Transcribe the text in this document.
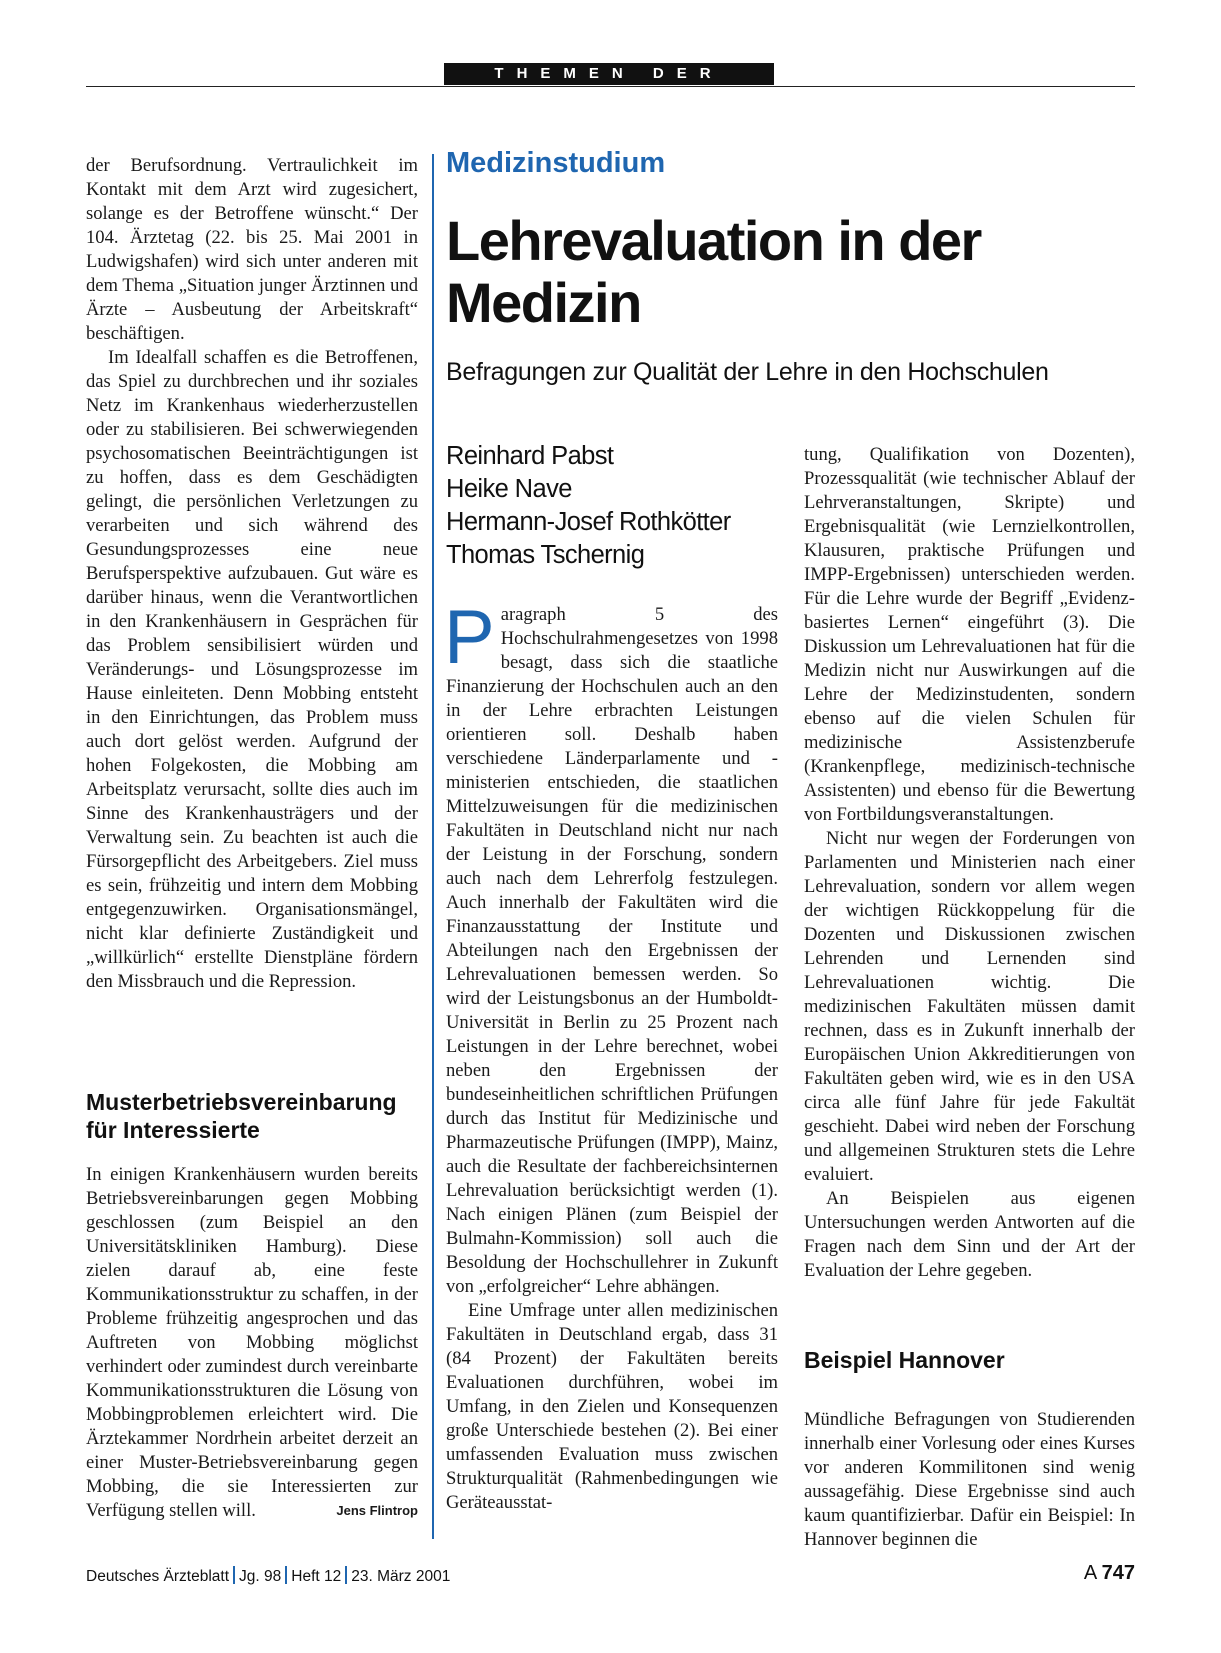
THEMEN DER ZEIT

der Berufsordnung. Vertraulichkeit im Kontakt mit dem Arzt wird zugesichert, solange es der Betroffene wünscht.“ Der 104. Ärztetag (22. bis 25. Mai 2001 in Ludwigshafen) wird sich unter anderen mit dem Thema „Situation junger Ärztinnen und Ärzte – Ausbeutung der Arbeitskraft“ beschäftigen.

Im Idealfall schaffen es die Betroffenen, das Spiel zu durchbrechen und ihr soziales Netz im Krankenhaus wiederherzustellen oder zu stabilisieren. Bei schwerwiegenden psychosomatischen Beeinträchtigungen ist zu hoffen, dass es dem Geschädigten gelingt, die persönlichen Verletzungen zu verarbeiten und sich während des Gesundungsprozesses eine neue Berufsperspektive aufzubauen. Gut wäre es darüber hinaus, wenn die Verantwortlichen in den Krankenhäusern in Gesprächen für das Problem sensibilisiert würden und Veränderungs- und Lösungsprozesse im Hause einleiteten. Denn Mobbing entsteht in den Einrichtungen, das Problem muss auch dort gelöst werden. Aufgrund der hohen Folgekosten, die Mobbing am Arbeitsplatz verursacht, sollte dies auch im Sinne des Krankenhausträgers und der Verwaltung sein. Zu beachten ist auch die Fürsorgepflicht des Arbeitgebers. Ziel muss es sein, frühzeitig und intern dem Mobbing entgegenzuwirken. Organisationsmängel, nicht klar definierte Zuständigkeit und „willkürlich“ erstellte Dienstpläne fördern den Missbrauch und die Repression.

Musterbetriebsvereinbarung für Interessierte

In einigen Krankenhäusern wurden bereits Betriebsvereinbarungen gegen Mobbing geschlossen (zum Beispiel an den Universitätskliniken Hamburg). Diese zielen darauf ab, eine feste Kommunikationsstruktur zu schaffen, in der Probleme frühzeitig angesprochen und das Auftreten von Mobbing möglichst verhindert oder zumindest durch vereinbarte Kommunikationsstrukturen die Lösung von Mobbingproblemen erleichtert wird. Die Ärztekammer Nordrhein arbeitet derzeit an einer Muster-Betriebsvereinbarung gegen Mobbing, die sie Interessierten zur Verfügung stellen will.	Jens Flintrop

Medizinstudium
Lehrevaluation in der Medizin
Befragungen zur Qualität der Lehre in den Hochschulen
Reinhard Pabst
Heike Nave
Hermann-Josef Rothkötter
Thomas Tschernig

Paragraph 5 des Hochschulrahmengesetzes von 1998 besagt, dass sich die staatliche Finanzierung der Hochschulen auch an den in der Lehre erbrachten Leistungen orientieren soll. Deshalb haben verschiedene Länderparlamente und -ministerien entschieden, die staatlichen Mittelzuweisungen für die medizinischen Fakultäten in Deutschland nicht nur nach der Leistung in der Forschung, sondern auch nach dem Lehrerfolg festzulegen. Auch innerhalb der Fakultäten wird die Finanzausstattung der Institute und Abteilungen nach den Ergebnissen der Lehrevaluationen bemessen werden. So wird der Leistungsbonus an der Humboldt-Universität in Berlin zu 25 Prozent nach Leistungen in der Lehre berechnet, wobei neben den Ergebnissen der bundeseinheitlichen schriftlichen Prüfungen durch das Institut für Medizinische und Pharmazeutische Prüfungen (IMPP), Mainz, auch die Resultate der fachbereichsinternen Lehrevaluation berücksichtigt werden (1). Nach einigen Plänen (zum Beispiel der Bulmahn-Kommission) soll auch die Besoldung der Hochschullehrer in Zukunft von „erfolgreicher“ Lehre abhängen.

Eine Umfrage unter allen medizinischen Fakultäten in Deutschland ergab, dass 31 (84 Prozent) der Fakultäten bereits Evaluationen durchführen, wobei im Umfang, in den Zielen und Konsequenzen große Unterschiede bestehen (2). Bei einer umfassenden Evaluation muss zwischen Strukturqualität (Rahmenbedingungen wie Geräteausstat-

tung, Qualifikation von Dozenten), Prozessqualität (wie technischer Ablauf der Lehrveranstaltungen, Skripte) und Ergebnisqualität (wie Lernzielkontrollen, Klausuren, praktische Prüfungen und IMPP-Ergebnissen) unterschieden werden. Für die Lehre wurde der Begriff „Evidenz-basiertes Lernen“ eingeführt (3). Die Diskussion um Lehrevaluationen hat für die Medizin nicht nur Auswirkungen auf die Lehre der Medizinstudenten, sondern ebenso auf die vielen Schulen für medizinische Assistenzberufe (Krankenpflege, medizinisch-technische Assistenten) und ebenso für die Bewertung von Fortbildungsveranstaltungen.

Nicht nur wegen der Forderungen von Parlamenten und Ministerien nach einer Lehrevaluation, sondern vor allem wegen der wichtigen Rückkoppelung für die Dozenten und Diskussionen zwischen Lehrenden und Lernenden sind Lehrevaluationen wichtig. Die medizinischen Fakultäten müssen damit rechnen, dass es in Zukunft innerhalb der Europäischen Union Akkreditierungen von Fakultäten geben wird, wie es in den USA circa alle fünf Jahre für jede Fakultät geschieht. Dabei wird neben der Forschung und allgemeinen Strukturen stets die Lehre evaluiert.

An Beispielen aus eigenen Untersuchungen werden Antworten auf die Fragen nach dem Sinn und der Art der Evaluation der Lehre gegeben.

Beispiel Hannover

Mündliche Befragungen von Studierenden innerhalb einer Vorlesung oder eines Kurses vor anderen Kommilitonen sind wenig aussagefähig. Diese Ergebnisse sind auch kaum quantifizierbar. Dafür ein Beispiel: In Hannover beginnen die

Deutsches Ärzteblatt Jg. 98 Heft 12 23. März 2001	A 747
